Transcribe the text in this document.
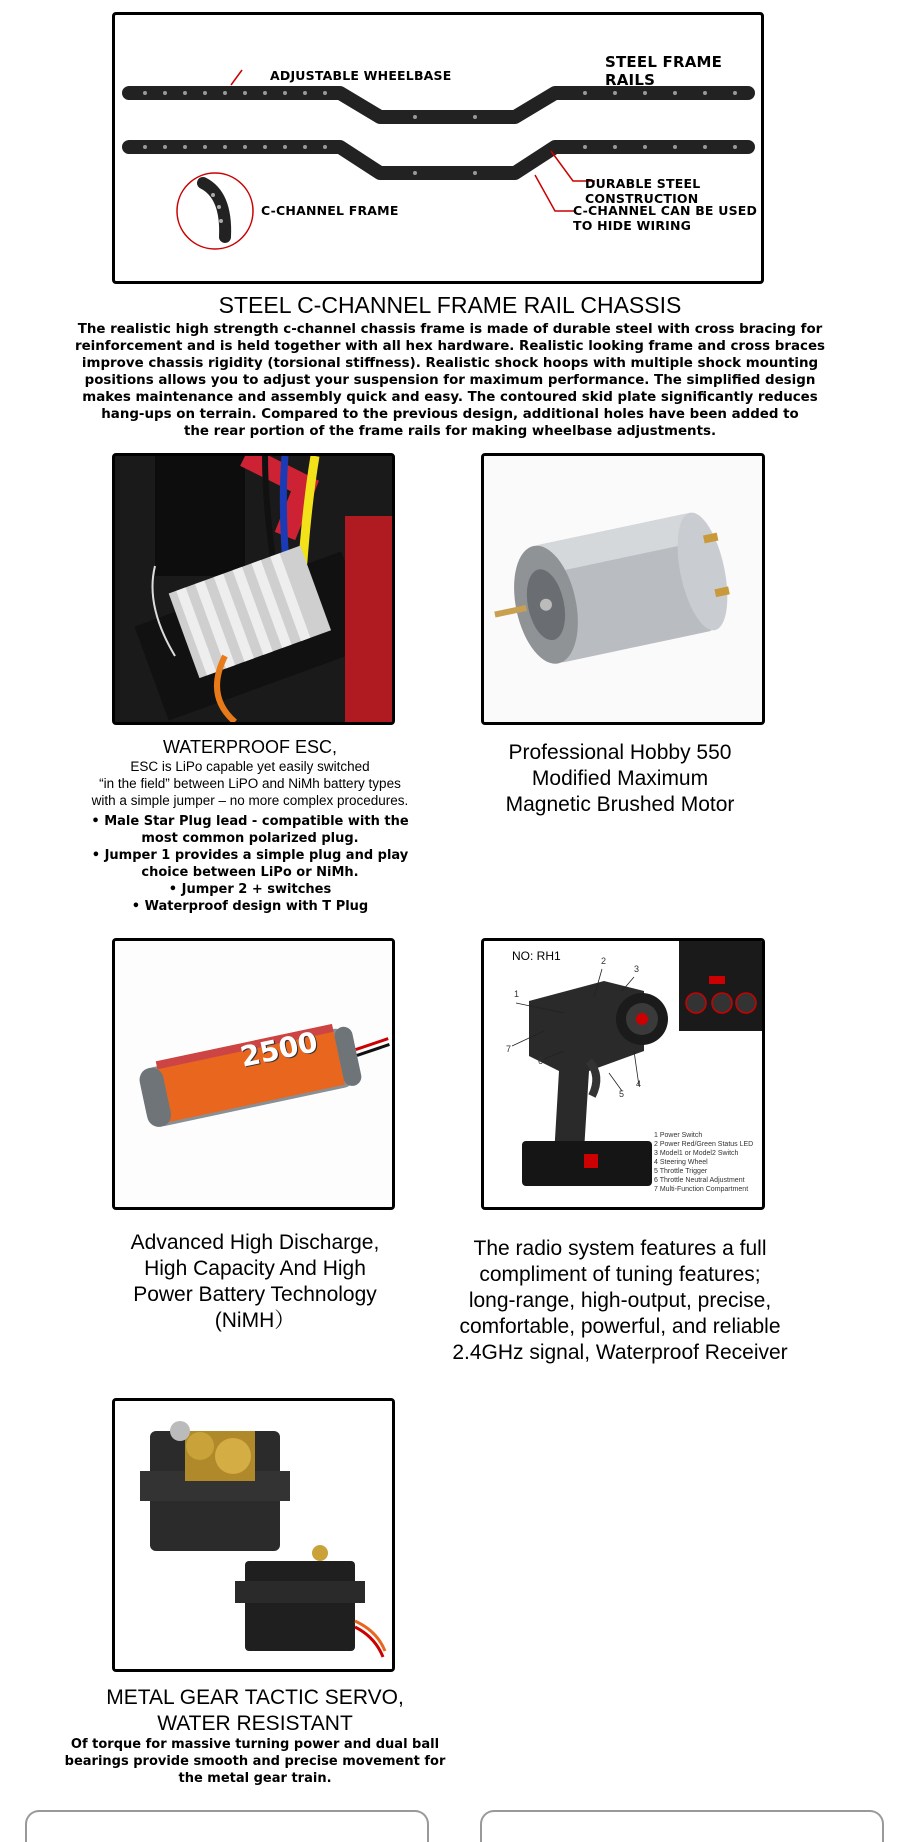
ADJUSTABLE WHEELBASE
STEEL FRAME RAILS
DURABLE STEEL CONSTRUCTION
C-CHANNEL FRAME	C-CHANNEL CAN BE USED TO HIDE WIRING
STEEL C-CHANNEL FRAME RAIL CHASSIS
The realistic high strength c-channel chassis frame is made of durable steel with cross bracing for
reinforcement and is held together with all hex hardware. Realistic looking frame and cross braces
improve chassis rigidity (torsional stiffness). Realistic shock hoops with multiple shock mounting
positions allows you to adjust your suspension for maximum performance. The simplified design
makes maintenance and assembly quick and easy. The contoured skid plate significantly reduces
hang-ups on terrain. Compared to the previous design, additional holes have been added to
the rear portion of the frame rails for making wheelbase adjustments.
WATERPROOF ESC,
ESC is LiPo capable yet easily switched
“in the field” between LiPO and NiMh battery types
with a simple jumper – no more complex procedures.
• Male Star Plug lead - compatible with the
most common polarized plug.
• Jumper 1 provides a simple plug and play
choice between LiPo or NiMh.
• Jumper 2 + switches
• Waterproof design with T Plug
Professional Hobby 550
Modified Maximum
Magnetic Brushed Motor
2500
Advanced High Discharge,
High Capacity And High
Power Battery Technology
(NiMH）
NO: RH1
1
2
3
4
5
6
7
1 Power Switch
2 Power Red/Green Status LED
3 Model1 or Model2 Switch
4 Steering Wheel
5 Throttle Trigger
6 Throttle Neutral Adjustment
7 Multi-Function Compartment
The radio system features a full
compliment of tuning features;
long-range, high-output, precise,
comfortable, powerful, and reliable
2.4GHz signal, Waterproof Receiver
METAL GEAR TACTIC SERVO,
WATER RESISTANT
Of torque for massive turning power and dual ball
bearings provide smooth and precise movement for
the metal gear train.
